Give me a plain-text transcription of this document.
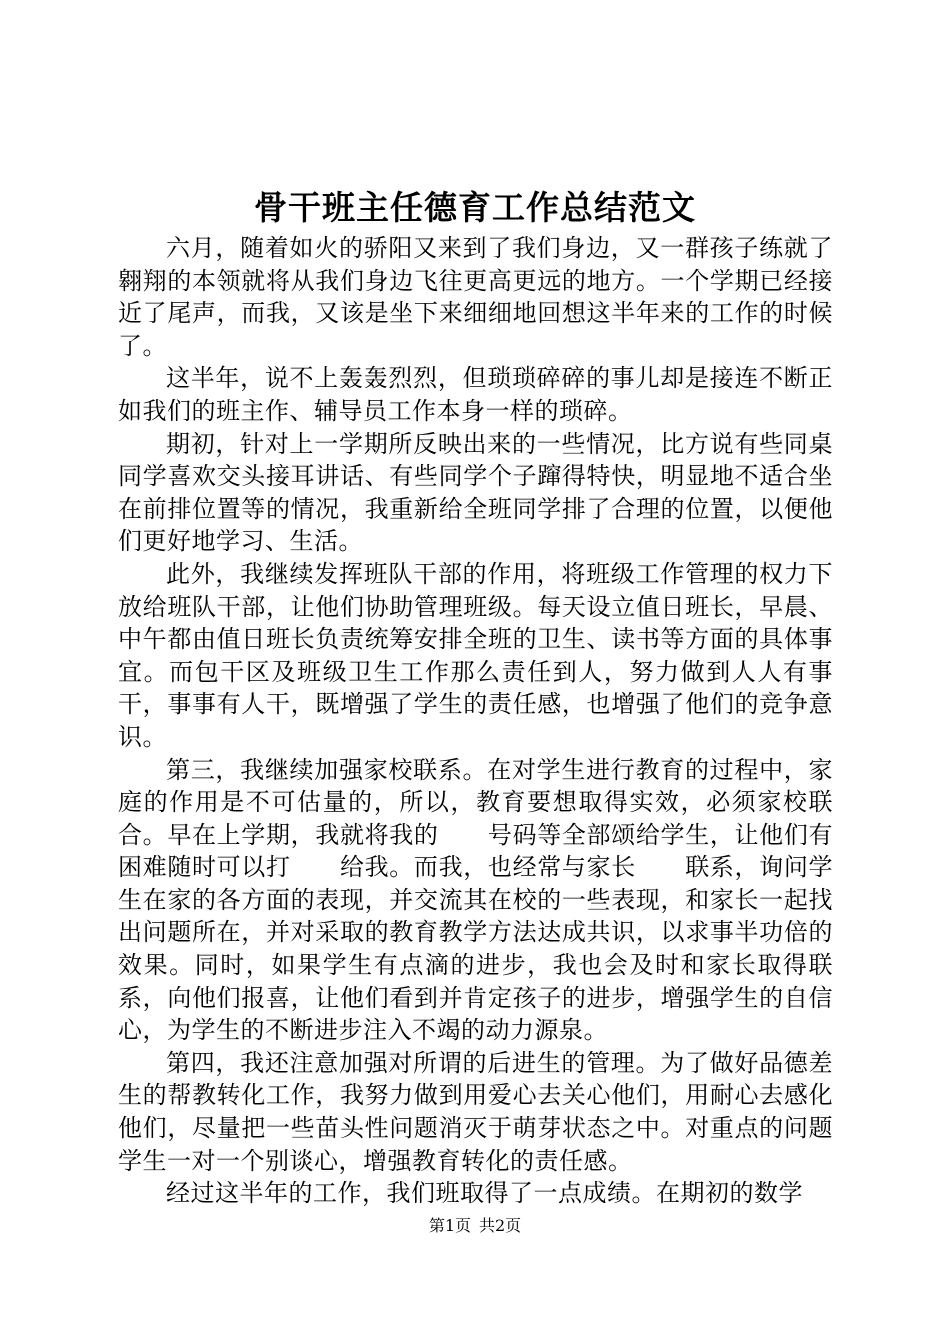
骨干班主任德育工作总结范文

六月，随着如火的骄阳又来到了我们身边，又一群孩子练就了翱翔的本领就将从我们身边飞往更高更远的地方。一个学期已经接近了尾声，而我，又该是坐下来细细地回想这半年来的工作的时候了。

这半年，说不上轰轰烈烈，但琐琐碎碎的事儿却是接连不断正如我们的班主作、辅导员工作本身一样的琐碎。

期初，针对上一学期所反映出来的一些情况，比方说有些同桌同学喜欢交头接耳讲话、有些同学个子蹿得特快，明显地不适合坐在前排位置等的情况，我重新给全班同学排了合理的位置，以便他们更好地学习、生活。

此外，我继续发挥班队干部的作用，将班级工作管理的权力下放给班队干部，让他们协助管理班级。每天设立值日班长，早晨、中午都由值日班长负责统筹安排全班的卫生、读书等方面的具体事宜。而包干区及班级卫生工作那么责任到人，努力做到人人有事干，事事有人干，既增强了学生的责任感，也增强了他们的竞争意识。

第三，我继续加强家校联系。在对学生进行教育的过程中，家庭的作用是不可估量的，所以，教育要想取得实效，必须家校联合。早在上学期，我就将我的　　号码等全部颂给学生，让他们有困难随时可以打　　给我。而我，也经常与家长　　联系，询问学生在家的各方面的表现，并交流其在校的一些表现，和家长一起找出问题所在，并对采取的教育教学方法达成共识，以求事半功倍的效果。同时，如果学生有点滴的进步，我也会及时和家长取得联系，向他们报喜，让他们看到并肯定孩子的进步，增强学生的自信心，为学生的不断进步注入不竭的动力源泉。

第四，我还注意加强对所谓的后进生的管理。为了做好品德差生的帮教转化工作，我努力做到用爱心去关心他们，用耐心去感化他们，尽量把一些苗头性问题消灭于萌芽状态之中。对重点的问题学生一对一个别谈心，增强教育转化的责任感。

经过这半年的工作，我们班取得了一点成绩。在期初的数学

第1页 共2页
